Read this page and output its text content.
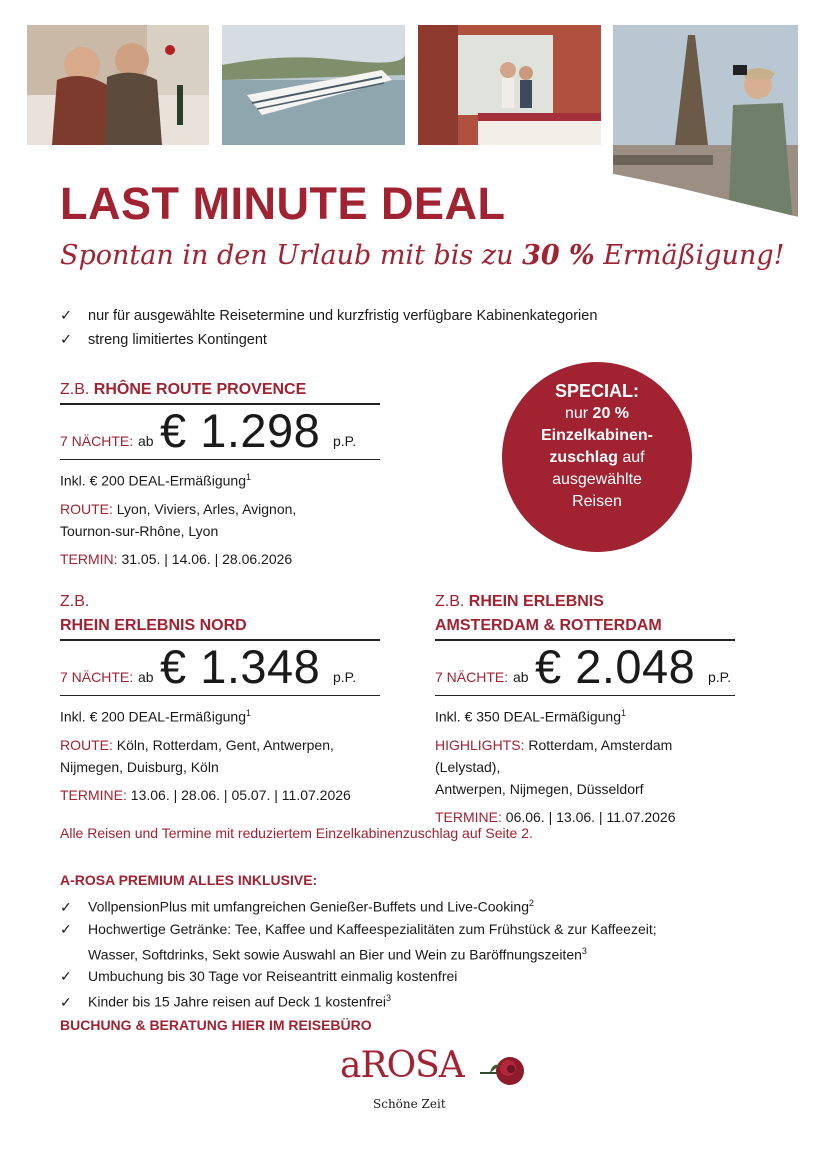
LAST MINUTE DEAL
Spontan in den Urlaub mit bis zu 30 % Ermäßigung!
✓ nur für ausgewählte Reisetermine und kurzfristig verfügbare Kabinenkategorien
✓ streng limitiertes Kontingent
Z.B. RHÔNE ROUTE PROVENCE
7 NÄCHTE: ab € 1.298 p.P.
Inkl. € 200 DEAL-Ermäßigung$^1$
ROUTE: Lyon, Viviers, Arles, Avignon,
Tournon-sur-Rhône, Lyon
TERMIN: 31.05. | 14.06. | 28.06.2026
SPECIAL:
nur 20 %
Einzelkabinen-
zuschlag auf
ausgewählte
Reisen
Z.B.
RHEIN ERLEBNIS NORD
7 NÄCHTE: ab € 1.348 p.P.
Inkl. € 200 DEAL-Ermäßigung$^1$
ROUTE: Köln, Rotterdam, Gent, Antwerpen,
Nijmegen, Duisburg, Köln
TERMINE: 13.06. | 28.06. | 05.07. | 11.07.2026
Z.B. RHEIN ERLEBNIS
AMSTERDAM & ROTTERDAM
7 NÄCHTE: ab € 2.048 p.P.
Inkl. € 350 DEAL-Ermäßigung$^1$
HIGHLIGHTS: Rotterdam, Amsterdam (Lelystad),
Antwerpen, Nijmegen, Düsseldorf
TERMINE: 06.06. | 13.06. | 11.07.2026
Alle Reisen und Termine mit reduziertem Einzelkabinenzuschlag auf Seite 2.
A-ROSA PREMIUM ALLES INKLUSIVE:
✓ VollpensionPlus mit umfangreichen Genießer-Buffets und Live-Cooking$^2$
✓ Hochwertige Getränke: Tee, Kaffee und Kaffeespezialitäten zum Frühstück & zur Kaffeezeit;
Wasser, Softdrinks, Sekt sowie Auswahl an Bier und Wein zu Baröffnungszeiten$^3$
✓ Umbuchung bis 30 Tage vor Reiseantritt einmalig kostenfrei
✓ Kinder bis 15 Jahre reisen auf Deck 1 kostenfrei$^3$
BUCHUNG & BERATUNG HIER IM REISEBÜRO
aROSA
Schöne Zeit
